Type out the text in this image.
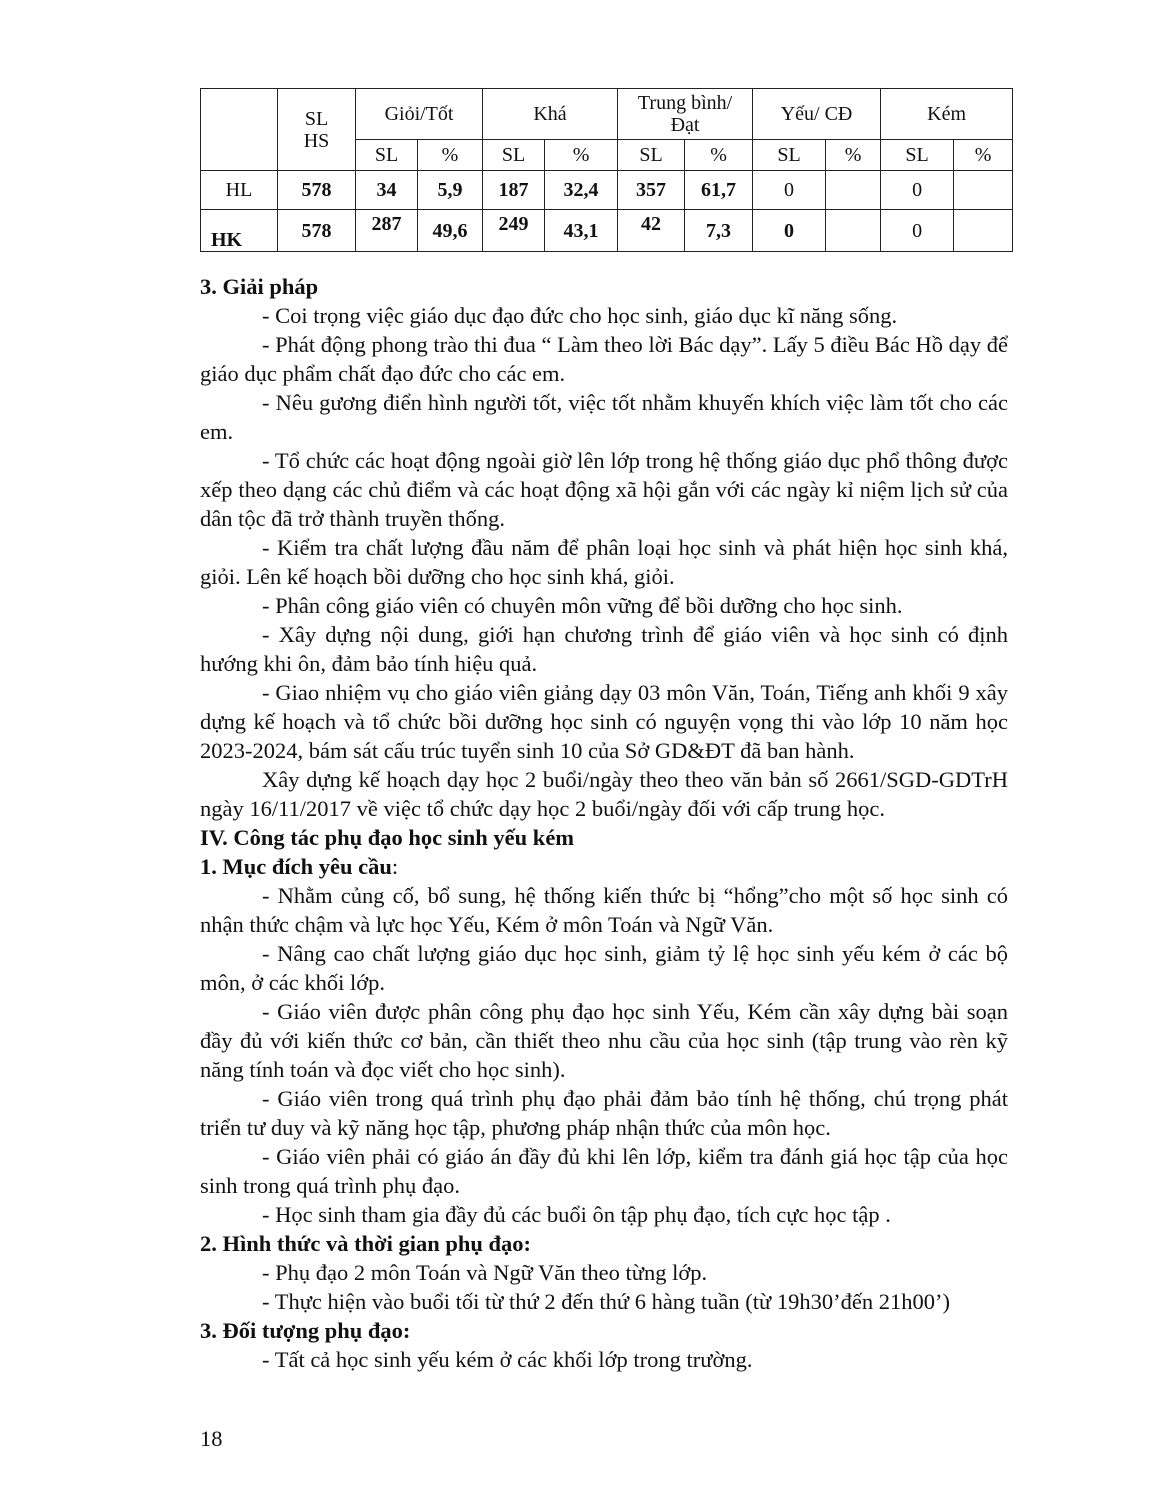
	SL HS	Giỏi/Tốt		Khá		Trung bình/Đạt		Yếu/ CĐ		Kém	
		SL	%	SL	%	SL	%	SL	%	SL	%
HL	578	34	5,9	187	32,4	357	61,7	0		0	
HK	578	287	49,6	249	43,1	42	7,3	0		0	
3. Giải pháp

- Coi trọng việc giáo dục đạo đức cho học sinh, giáo dục kĩ năng sống.

- Phát động phong trào thi đua “ Làm theo lời Bác dạy”. Lấy 5 điều Bác Hồ dạy để giáo dục phẩm chất đạo đức cho các em.

- Nêu gương điển hình người tốt, việc tốt nhằm khuyến khích việc làm tốt cho các em.

- Tổ chức các hoạt động ngoài giờ lên lớp trong hệ thống giáo dục phổ thông được xếp theo dạng các chủ điểm và các hoạt động xã hội gắn với các ngày kỉ niệm lịch sử của dân tộc đã trở thành truyền thống.

- Kiểm tra chất lượng đầu năm để phân loại học sinh và phát hiện học sinh khá, giỏi. Lên kế hoạch bồi dưỡng cho học sinh khá, giỏi.

- Phân công giáo viên có chuyên môn vững để bồi dưỡng cho học sinh.

- Xây dựng nội dung, giới hạn chương trình để giáo viên và học sinh có định hướng khi ôn, đảm bảo tính hiệu quả.

- Giao nhiệm vụ cho giáo viên giảng dạy 03 môn Văn, Toán, Tiếng anh khối 9 xây dựng kế hoạch và tổ chức bồi dưỡng học sinh có nguyện vọng thi vào lớp 10 năm học 2023-2024, bám sát cấu trúc tuyển sinh 10 của Sở GD&ĐT đã ban hành.

Xây dựng kế hoạch dạy học 2 buổi/ngày theo theo văn bản số 2661/SGD-GDTrH ngày 16/11/2017 về việc tổ chức dạy học 2 buổi/ngày đối với cấp trung học.

IV. Công tác phụ đạo học sinh yếu kém
1. Mục đích yêu cầu:

- Nhằm củng cố, bổ sung, hệ thống kiến thức bị “hổng”cho một số học sinh có nhận thức chậm và lực học Yếu, Kém ở môn Toán và Ngữ Văn.

- Nâng cao chất lượng giáo dục học sinh, giảm tỷ lệ học sinh yếu kém ở các bộ môn, ở các khối lớp.

- Giáo viên được phân công phụ đạo học sinh Yếu, Kém cần xây dựng bài soạn đầy đủ với kiến thức cơ bản, cần thiết theo nhu cầu của học sinh (tập trung vào rèn kỹ năng tính toán và đọc viết cho học sinh).

- Giáo viên trong quá trình phụ đạo phải đảm bảo tính hệ thống, chú trọng phát triển tư duy và kỹ năng học tập, phương pháp nhận thức của môn học.

- Giáo viên phải có giáo án đầy đủ khi lên lớp, kiểm tra đánh giá học tập của học sinh trong quá trình phụ đạo.

- Học sinh tham gia đầy đủ các buổi ôn tập phụ đạo, tích cực học tập .

2. Hình thức và thời gian phụ đạo:

- Phụ đạo 2 môn Toán và Ngữ Văn theo từng lớp.

- Thực hiện vào buổi tối từ thứ 2 đến thứ 6 hàng tuần (từ 19h30’đến 21h00’)

3. Đối tượng phụ đạo:

- Tất cả học sinh yếu kém ở các khối lớp trong trường.

18
